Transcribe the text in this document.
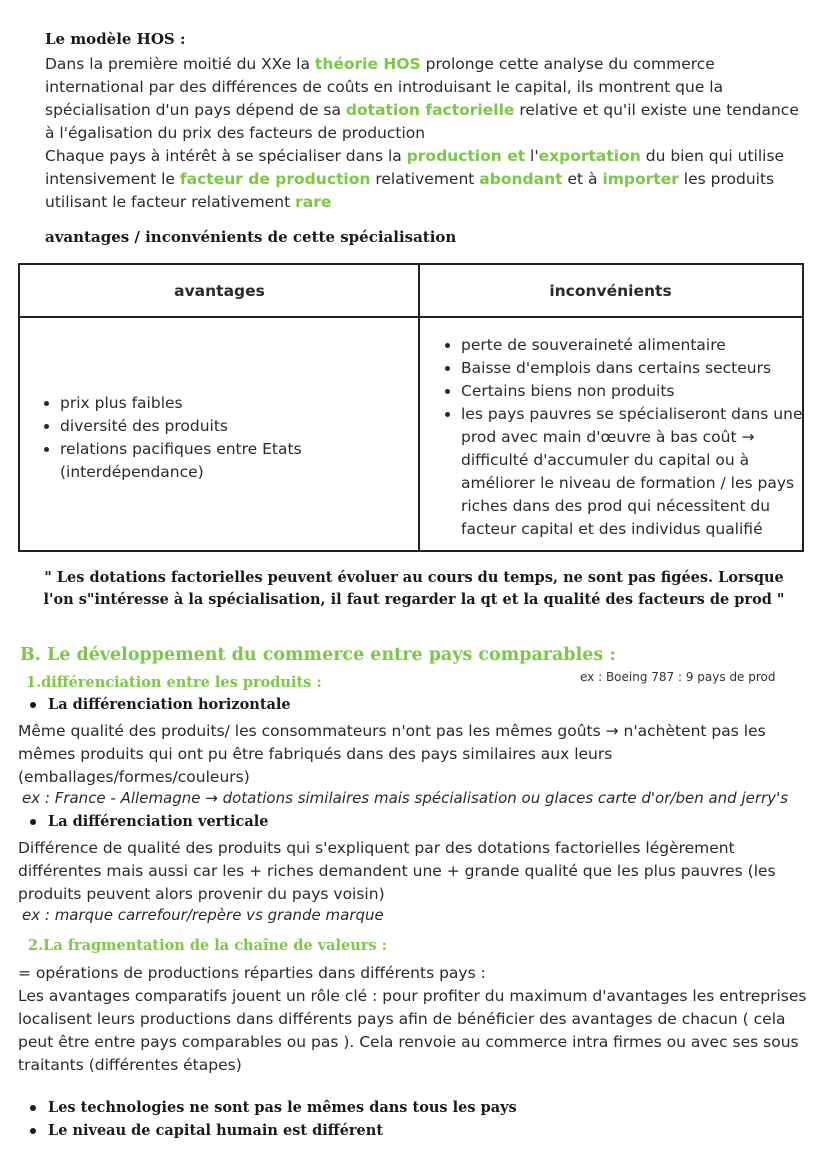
Le modèle HOS :
Dans la première moitié du XXe la théorie HOS prolonge cette analyse du commerce international par des différences de coûts en introduisant le capital, ils montrent que la spécialisation d'un pays dépend de sa dotation factorielle relative et qu'il existe une tendance à l'égalisation du prix des facteurs de production
Chaque pays à intérêt à se spécialiser dans la production et l'exportation du bien qui utilise intensivement le facteur de production relativement abondant et à importer les produits utilisant le facteur relativement rare
avantages / inconvénients de cette spécialisation
avantages	inconvénients
• prix plus faibles
• diversité des produits
• relations pacifiques entre Etats (interdépendance)
• perte de souveraineté alimentaire
• Baisse d'emplois dans certains secteurs
• Certains biens non produits
• les pays pauvres se spécialiseront dans une prod avec main d'œuvre à bas coût → difficulté d'accumuler du capital ou à améliorer le niveau de formation / les pays riches dans des prod qui nécessitent du facteur capital et des individus qualifié
" Les dotations factorielles peuvent évoluer au cours du temps, ne sont pas figées. Lorsque l'on s"intéresse à la spécialisation, il faut regarder la qt et la qualité des facteurs de prod "
B. Le développement du commerce entre pays comparables :
1.différenciation entre les produits :	ex : Boeing 787 : 9 pays de prod
La différenciation horizontale
Même qualité des produits/ les consommateurs n'ont pas les mêmes goûts → n'achètent pas les mêmes produits qui ont pu être fabriqués dans des pays similaires aux leurs (emballages/formes/couleurs)
ex : France - Allemagne → dotations similaires mais spécialisation ou glaces carte d'or/ben and jerry's
La différenciation verticale
Différence de qualité des produits qui s'expliquent par des dotations factorielles légèrement différentes mais aussi car les + riches demandent une + grande qualité que les plus pauvres (les produits peuvent alors provenir du pays voisin)
ex : marque carrefour/repère vs grande marque
2.La fragmentation de la chaîne de valeurs :
= opérations de productions réparties dans différents pays :
Les avantages comparatifs jouent un rôle clé : pour profiter du maximum d'avantages les entreprises localisent leurs productions dans différents pays afin de bénéficier des avantages de chacun ( cela peut être entre pays comparables ou pas ). Cela renvoie au commerce intra firmes ou avec ses sous traitants (différentes étapes)
Les technologies ne sont pas le mêmes dans tous les pays
Le niveau de capital humain est différent
